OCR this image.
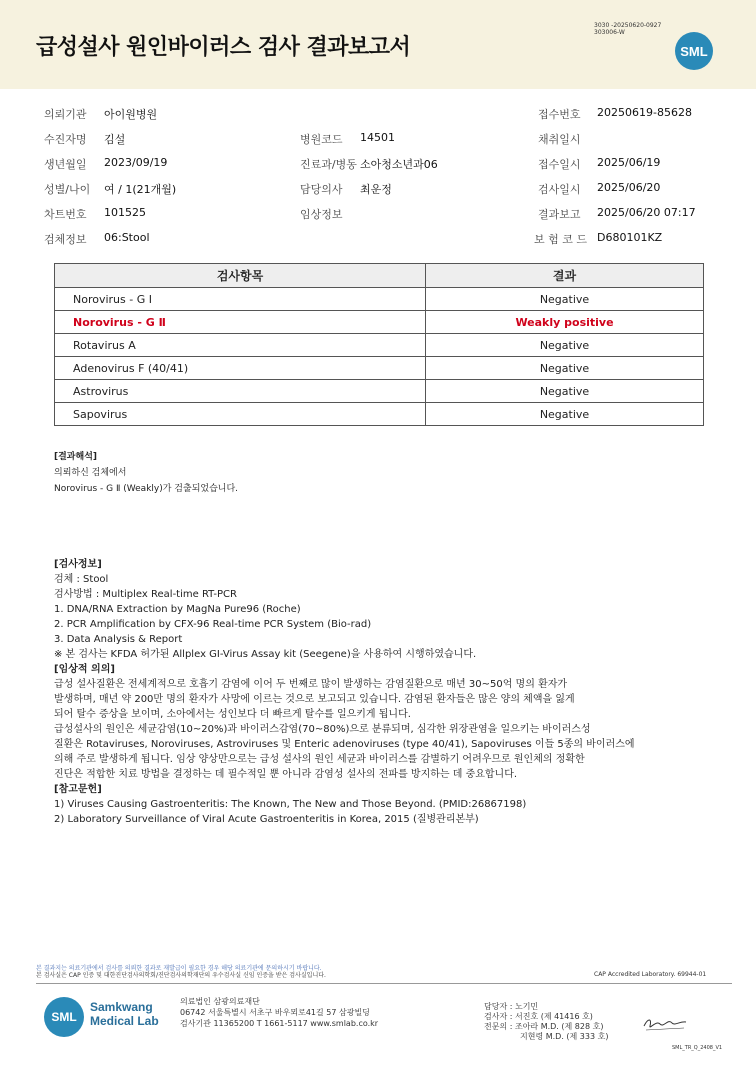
급성설사 원인바이러스 검사 결과보고서
3030 -20250620-0927
303006-W
SML
의뢰기관 아이원병원	접수번호 20250619-85628
수진자명 김설	병원코드 14501	채취일시
생년월일 2023/09/19	진료과/병동 소아청소년과06	접수일시 2025/06/19
성별/나이 여 / 1(21개월)	담당의사 최운정	검사일시 2025/06/20
차트번호 101525	임상정보	결과보고 2025/06/20 07:17
검체정보 06:Stool	보 험 코 드 D680101KZ
검사항목	결과
Norovirus - G Ⅰ	Negative
Norovirus - G Ⅱ	Weakly positive
Rotavirus A	Negative
Adenovirus F (40/41)	Negative
Astrovirus	Negative
Sapovirus	Negative
[결과해석]
의뢰하신 검체에서
Norovirus - G Ⅱ (Weakly)가 검출되었습니다.
[검사정보]
검체 : Stool
검사방법 : Multiplex Real-time RT-PCR
1. DNA/RNA Extraction by MagNa Pure96 (Roche)
2. PCR Amplification by CFX-96 Real-time PCR System (Bio-rad)
3. Data Analysis & Report
※ 본 검사는 KFDA 허가된 Allplex GI-Virus Assay kit (Seegene)을 사용하여 시행하였습니다.
[임상적 의의]
급성 설사질환은 전세계적으로 호흡기 감염에 이어 두 번째로 많이 발생하는 감염질환으로 매년 30~50억 명의 환자가
발생하며, 매년 약 200만 명의 환자가 사망에 이르는 것으로 보고되고 있습니다. 감염된 환자들은 많은 양의 체액을 잃게
되어 탈수 증상을 보이며, 소아에서는 성인보다 더 빠르게 탈수를 일으키게 됩니다.
급성설사의 원인은 세균감염(10~20%)과 바이러스감염(70~80%)으로 분류되며, 심각한 위장관염을 일으키는 바이러스성
질환은 Rotaviruses, Noroviruses, Astroviruses 및 Enteric adenoviruses (type 40/41), Sapoviruses 이들 5종의 바이러스에
의해 주로 발생하게 됩니다. 임상 양상만으로는 급성 설사의 원인 세균과 바이러스를 감별하기 어려우므로 원인체의 정확한
진단은 적합한 치료 방법을 결정하는 데 필수적일 뿐 아니라 감염성 설사의 전파를 방지하는 데 중요합니다.
[참고문헌]
1) Viruses Causing Gastroenteritis: The Known, The New and Those Beyond. (PMID:26867198)
2) Laboratory Surveillance of Viral Acute Gastroenteritis in Korea, 2015 (질병관리본부)
본 결과지는 의료기관에서 검사를 의뢰한 결과로 재발급이 필요한 경우 해당 의료기관에 문의하시기 바랍니다.
본 검사실은 CAP 인증 및 대한진단검사의학회/진단검사의학재단의 우수검사실 신임 인증을 받은 검사실입니다.	CAP Accredited Laboratory. 69944-01
SML
Samkwang
Medical Lab
의료법인 삼광의료재단
06742 서울특별시 서초구 바우뫼로41길 57 삼광빌딩
검사기관 11365200 T 1661-5117 www.smlab.co.kr
담당자 : 노기민
검사자 : 서진호 (제 41416 호)
전문의 : 조아라 M.D. (제 828 호)
지현령 M.D. (제 333 호)
SML_TR_Q_2408_V1
